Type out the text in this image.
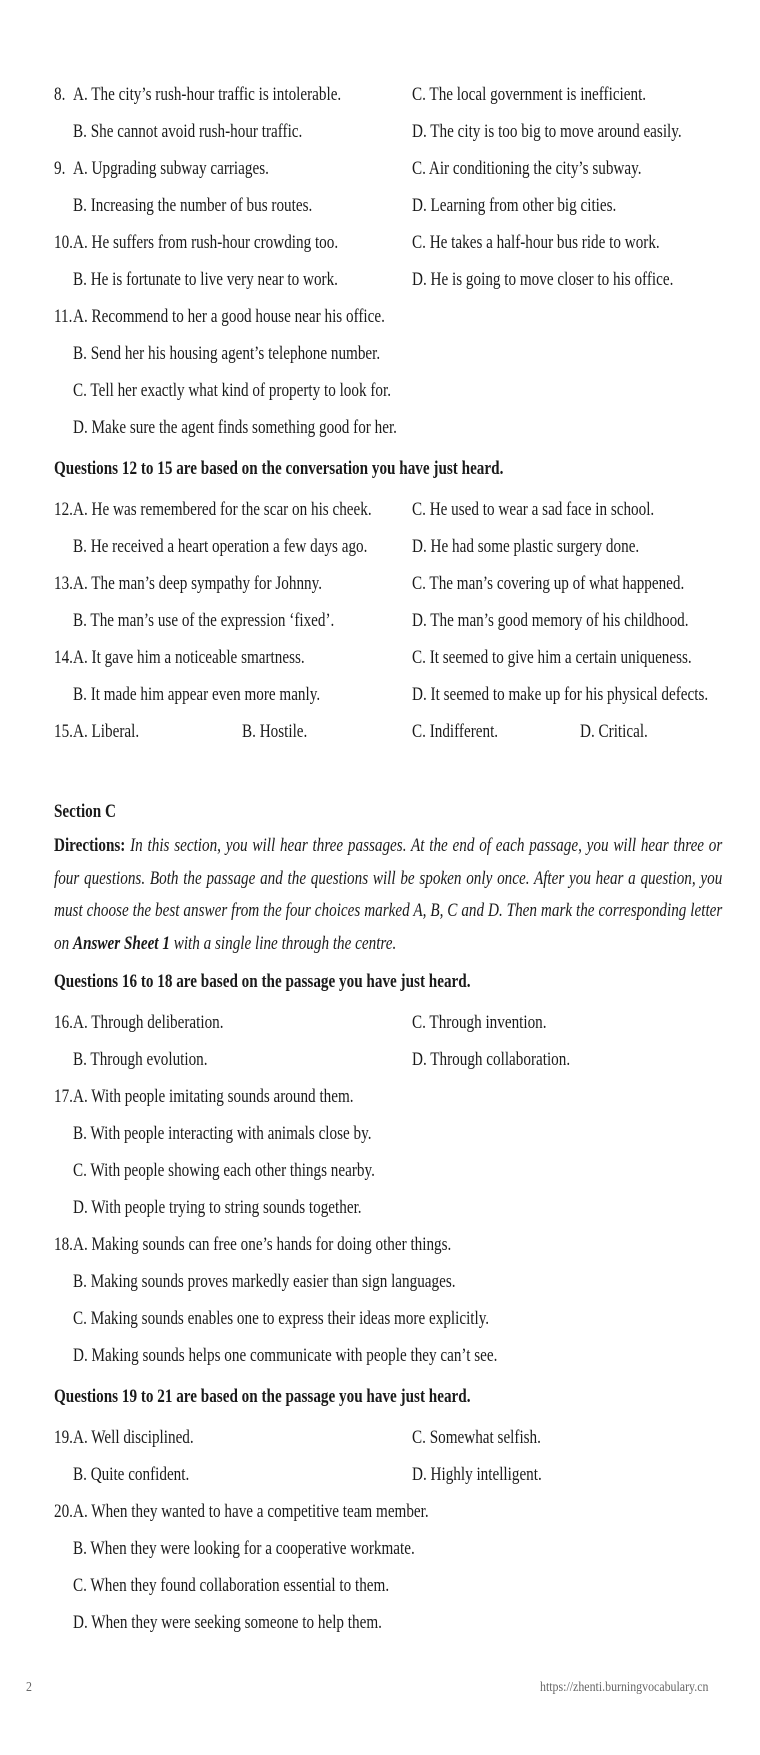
8. A. The city’s rush-hour traffic is intolerable.	C. The local government is inefficient.
B. She cannot avoid rush-hour traffic.	D. The city is too big to move around easily.
9. A. Upgrading subway carriages.	C. Air conditioning the city’s subway.
B. Increasing the number of bus routes.	D. Learning from other big cities.
10. A. He suffers from rush-hour crowding too.	C. He takes a half-hour bus ride to work.
B. He is fortunate to live very near to work.	D. He is going to move closer to his office.
11. A. Recommend to her a good house near his office.
B. Send her his housing agent’s telephone number.
C. Tell her exactly what kind of property to look for.
D. Make sure the agent finds something good for her.
Questions 12 to 15 are based on the conversation you have just heard.
12. A. He was remembered for the scar on his cheek. C. He used to wear a sad face in school.
B. He received a heart operation a few days ago. D. He had some plastic surgery done.
13. A. The man’s deep sympathy for Johnny.	C. The man’s covering up of what happened.
B. The man’s use of the expression ‘fixed’.	D. The man’s good memory of his childhood.
14. A. It gave him a noticeable smartness.	C. It seemed to give him a certain uniqueness.
B. It made him appear even more manly.	D. It seemed to make up for his physical defects.
15. A. Liberal.	B. Hostile.	C. Indifferent.	D. Critical.
Section C
Directions: In this section, you will hear three passages. At the end of each passage, you will hear three or four questions. Both the passage and the questions will be spoken only once. After you hear a question, you must choose the best answer from the four choices marked A, B, C and D. Then mark the corresponding letter on Answer Sheet 1 with a single line through the centre.
Questions 16 to 18 are based on the passage you have just heard.
16. A. Through deliberation.	C. Through invention.
B. Through evolution.	D. Through collaboration.
17. A. With people imitating sounds around them.
B. With people interacting with animals close by.
C. With people showing each other things nearby.
D. With people trying to string sounds together.
18. A. Making sounds can free one’s hands for doing other things.
B. Making sounds proves markedly easier than sign languages.
C. Making sounds enables one to express their ideas more explicitly.
D. Making sounds helps one communicate with people they can’t see.
Questions 19 to 21 are based on the passage you have just heard.
19. A. Well disciplined.	C. Somewhat selfish.
B. Quite confident.	D. Highly intelligent.
20. A. When they wanted to have a competitive team member.
B. When they were looking for a cooperative workmate.
C. When they found collaboration essential to them.
D. When they were seeking someone to help them.
2	https://zhenti.burningvocabulary.cn
